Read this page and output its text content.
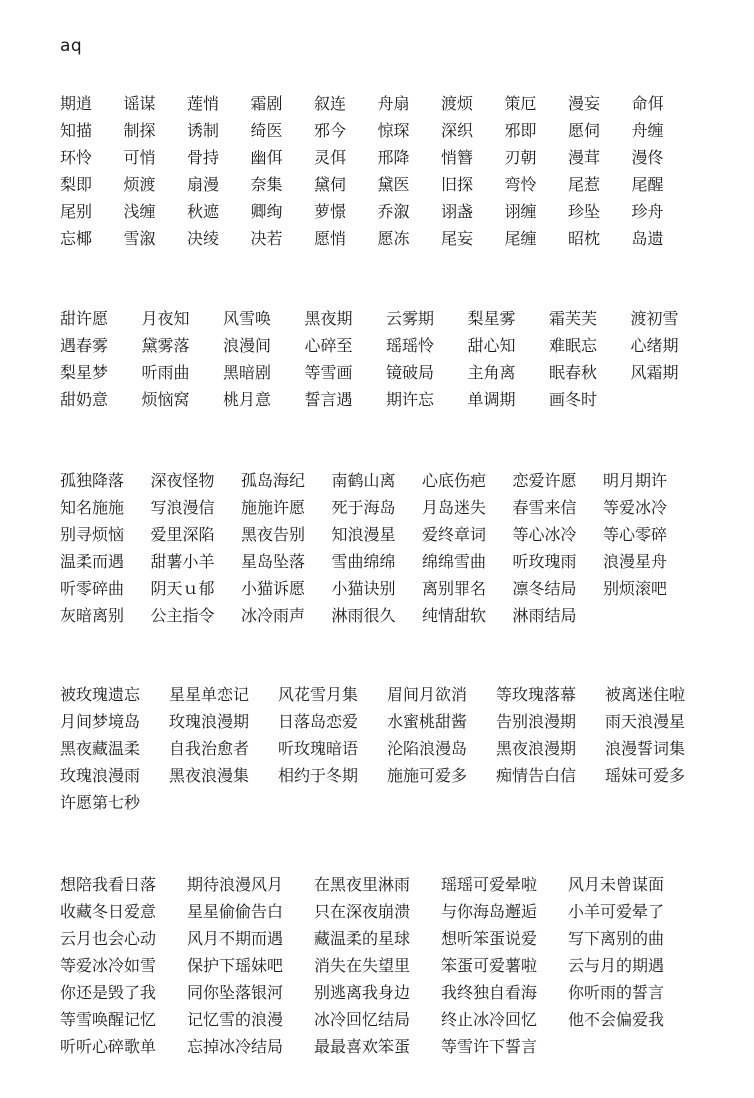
aq
期逍	谣谋	莲悄	霜剧	叙连	舟扇	渡烦	策厄	漫妄	命佴
知描	制探	诱制	绮医	邪今	惊琛	深织	邪即	愿伺	舟缠
环怜	可悄	骨持	幽佴	灵佴	邢降	悄簪	刃朝	漫茸	漫佟
梨即	烦渡	扇漫	奈集	黛伺	黛医	旧探	弯怜	尾惹	尾醒
尾别	浅缠	秋遮	卿绚	萝憬	乔溆	诩盏	诩缠	珍坠	珍舟
忘椰	雪溆	决绫	决若	愿悄	愿冻	尾妄	尾缠	昭枕	岛遗
甜许愿	月夜知	风雪唤	黑夜期	云雾期	梨星雾	霜芙芙	渡初雪
遇春雾	黛雾落	浪漫间	心碎至	瑶瑶怜	甜心知	难眠忘	心绪期
梨星梦	听雨曲	黑暗剧	等雪画	镜破局	主角离	眠春秋	风霜期
甜奶意	烦恼窝	桃月意	誓言遇	期许忘	单调期	画冬时
孤独降落	深夜怪物	孤岛海纪	南鹤山离	心底伤疤	恋爱许愿	明月期许
知名施施	写浪漫信	施施许愿	死于海岛	月岛迷失	春雪来信	等爱冰冷
别寻烦恼	爱里深陷	黑夜告别	知浪漫星	爱终章词	等心冰冷	等心零碎
温柔而遇	甜薯小羊	星岛坠落	雪曲绵绵	绵绵雪曲	听玫瑰雨	浪漫星舟
听零碎曲	阴天ｕ郁	小猫诉愿	小猫诀别	离别罪名	凛冬结局	别烦滚吧
灰暗离别	公主指令	冰冷雨声	淋雨很久	纯情甜软	淋雨结局
被玫瑰遗忘	星星单恋记	风花雪月集	眉间月欲消	等玫瑰落幕	被离迷住啦
月间梦境岛	玫瑰浪漫期	日落岛恋爱	水蜜桃甜酱	告别浪漫期	雨天浪漫星
黑夜藏温柔	自我治愈者	听玫瑰暗语	沦陷浪漫岛	黑夜浪漫期	浪漫誓词集
玫瑰浪漫雨	黑夜浪漫集	相约于冬期	施施可爱多	痴情告白信	瑶妹可爱多
许愿第七秒
想陪我看日落	期待浪漫风月	在黑夜里淋雨	瑶瑶可爱晕啦	风月未曾谋面
收藏冬日爱意	星星偷偷告白	只在深夜崩溃	与你海岛邂逅	小羊可爱晕了
云月也会心动	风月不期而遇	藏温柔的星球	想听笨蛋说爱	写下离别的曲
等爱冰冷如雪	保护下瑶妹吧	消失在失望里	笨蛋可爱薯啦	云与月的期遇
你还是毁了我	同你坠落银河	别逃离我身边	我终独自看海	你听雨的誓言
等雪唤醒记忆	记忆雪的浪漫	冰冷回忆结局	终止冰冷回忆	他不会偏爱我
听听心碎歌单	忘掉冰冷结局	最最喜欢笨蛋	等雪许下誓言
